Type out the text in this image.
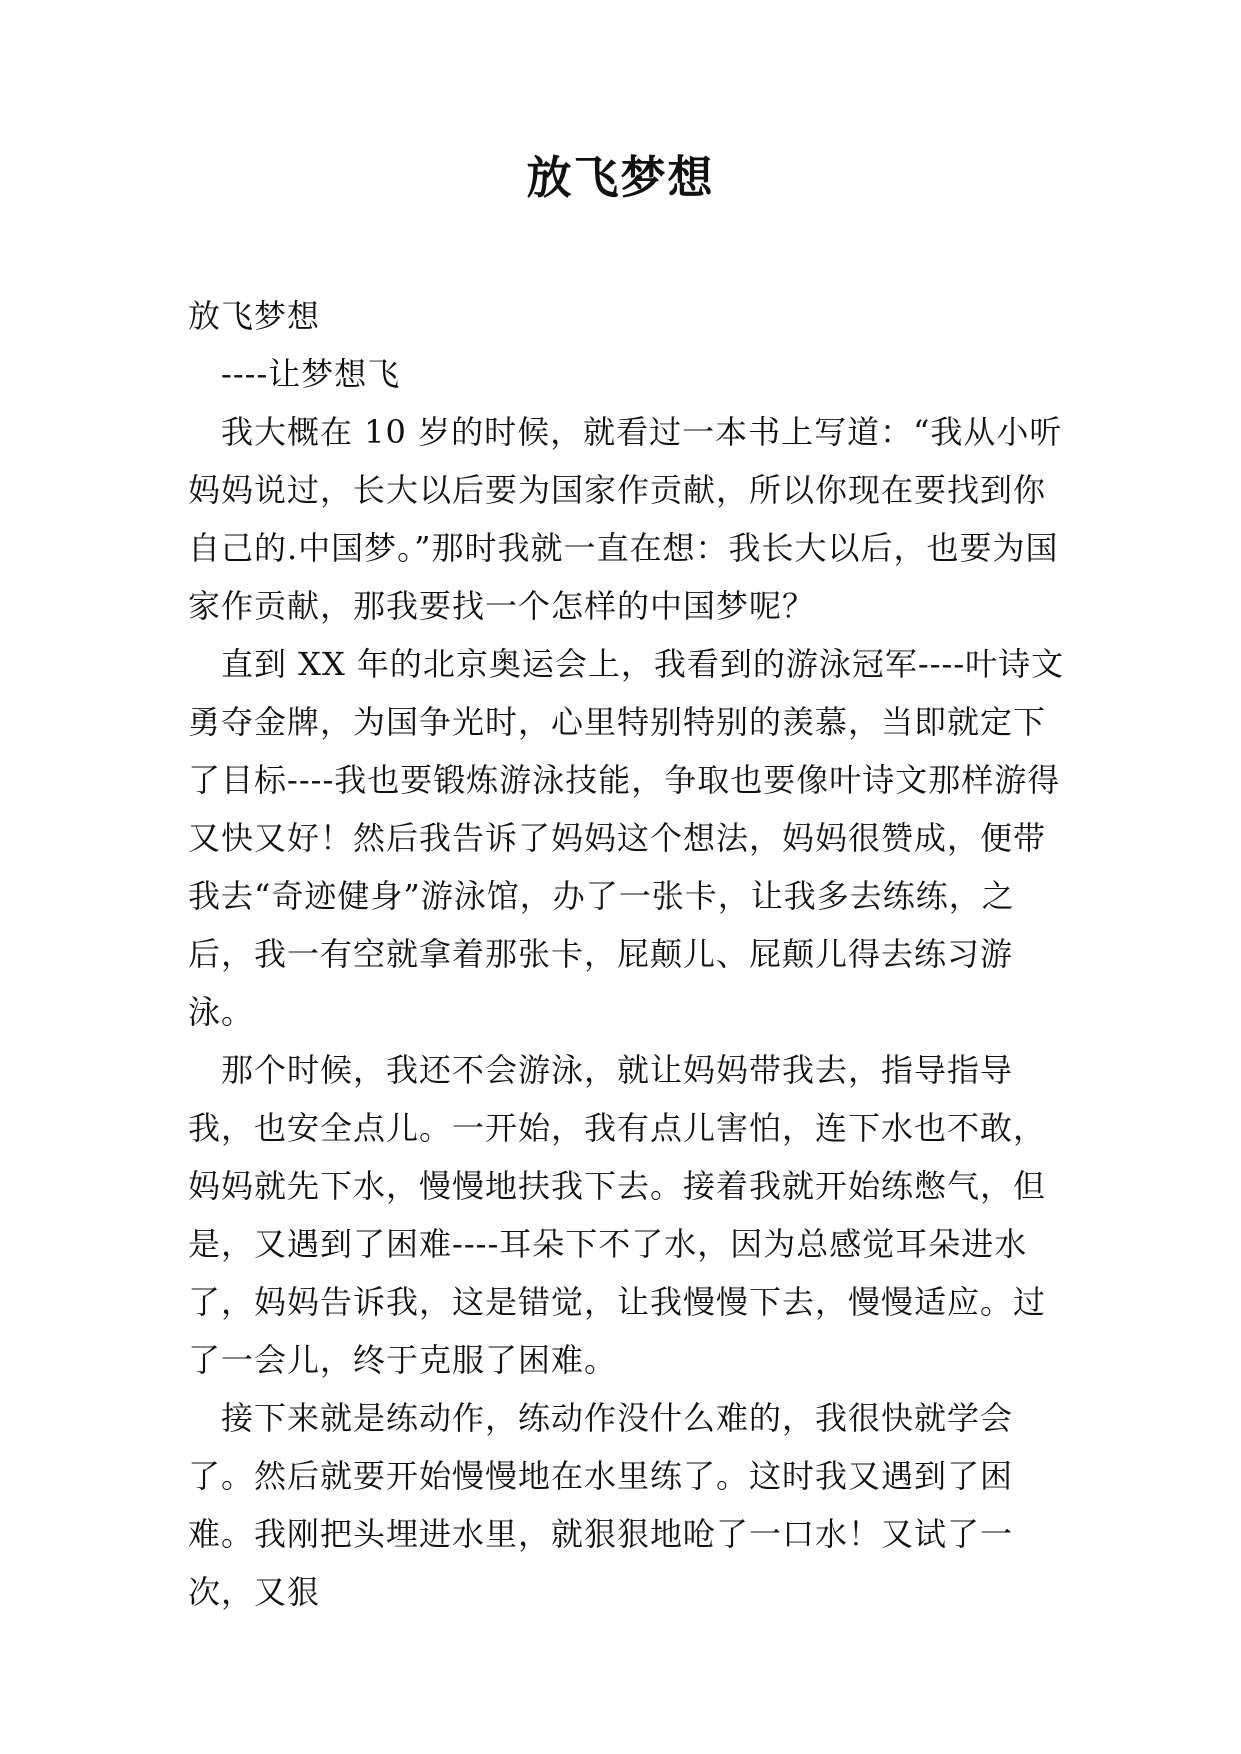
放飞梦想

放飞梦想

----让梦想飞

我大概在 10 岁的时候，就看过一本书上写道：“我从小听妈妈说过，长大以后要为国家作贡献，所以你现在要找到你自己的.中国梦。”那时我就一直在想：我长大以后，也要为国家作贡献，那我要找一个怎样的中国梦呢？

直到 XX 年的北京奥运会上，我看到的游泳冠军----叶诗文勇夺金牌，为国争光时，心里特别特别的羡慕，当即就定下了目标----我也要锻炼游泳技能，争取也要像叶诗文那样游得又快又好！然后我告诉了妈妈这个想法，妈妈很赞成，便带我去“奇迹健身”游泳馆，办了一张卡，让我多去练练，之后，我一有空就拿着那张卡，屁颠儿、屁颠儿得去练习游泳。

那个时候，我还不会游泳，就让妈妈带我去，指导指导我，也安全点儿。一开始，我有点儿害怕，连下水也不敢，妈妈就先下水，慢慢地扶我下去。接着我就开始练憋气，但是，又遇到了困难----耳朵下不了水，因为总感觉耳朵进水了，妈妈告诉我，这是错觉，让我慢慢下去，慢慢适应。过了一会儿，终于克服了困难。

接下来就是练动作，练动作没什么难的，我很快就学会了。然后就要开始慢慢地在水里练了。这时我又遇到了困难。我刚把头埋进水里，就狠狠地呛了一口水！又试了一次，又狠
